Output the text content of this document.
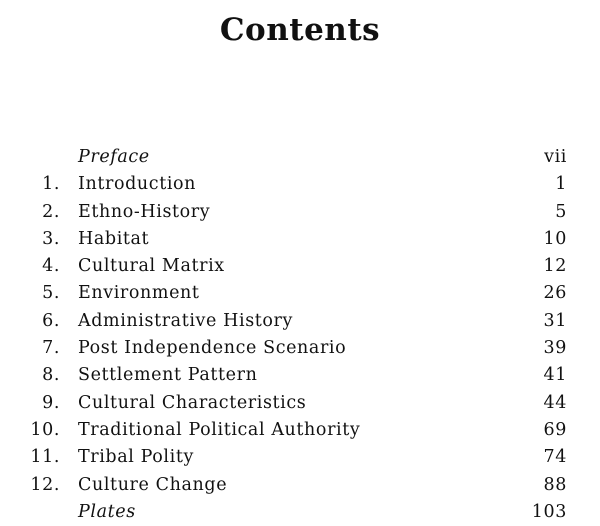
Contents
Preface	vii
1. Introduction	1
2. Ethno-History	5
3. Habitat	10
4. Cultural Matrix	12
5. Environment	26
6. Administrative History	31
7. Post Independence Scenario	39
8. Settlement Pattern	41
9. Cultural Characteristics	44
10. Traditional Political Authority	69
11. Tribal Polity	74
12. Culture Change	88
Plates	103
